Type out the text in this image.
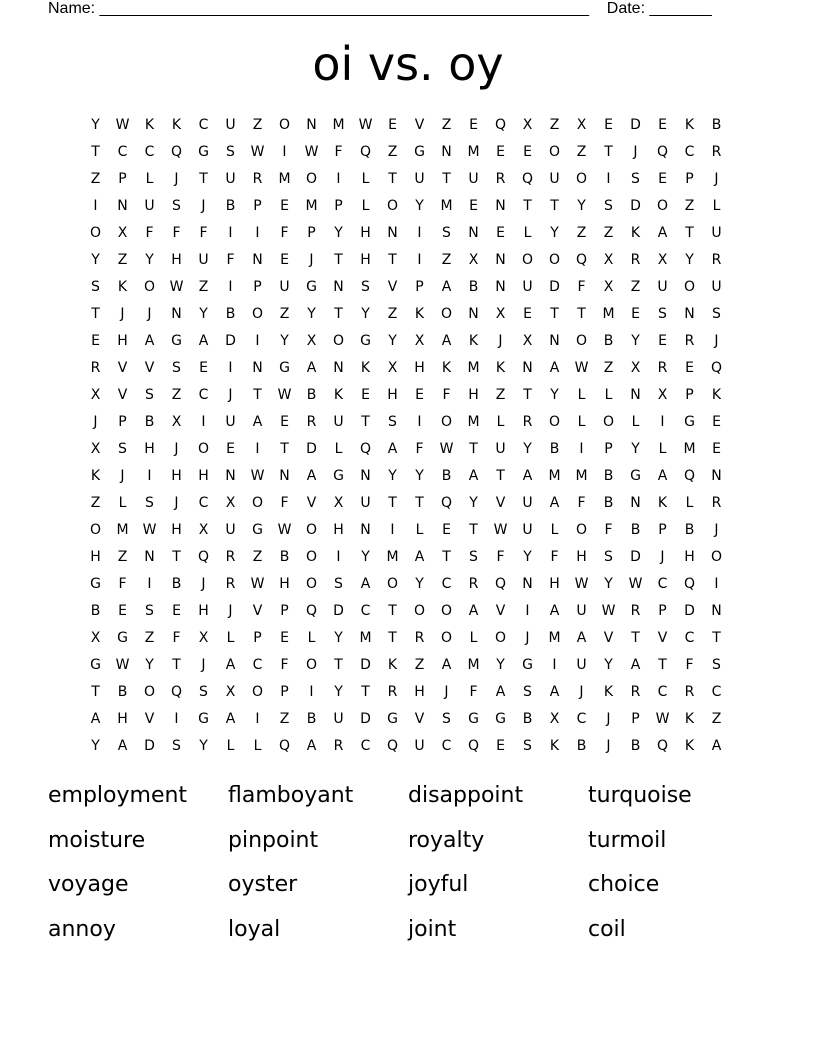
Name: _______________________________________________________    Date: _______
oi vs. oy
Y	W	K	K	C	U	Z	O	N	M	W	E	V	Z	E	Q	X	Z	X	E	D	E	K	B
T	C	C	Q	G	S	W	I	W	F	Q	Z	G	N	M	E	E	O	Z	T	J	Q	C	R
Z	P	L	J	T	U	R	M	O	I	L	T	U	T	U	R	Q	U	O	I	S	E	P	J
I	N	U	S	J	B	P	E	M	P	L	O	Y	M	E	N	T	T	Y	S	D	O	Z	L
O	X	F	F	F	I	I	F	P	Y	H	N	I	S	N	E	L	Y	Z	Z	K	A	T	U
Y	Z	Y	H	U	F	N	E	J	T	H	T	I	Z	X	N	O	O	Q	X	R	X	Y	R
S	K	O	W	Z	I	P	U	G	N	S	V	P	A	B	N	U	D	F	X	Z	U	O	U
T	J	J	N	Y	B	O	Z	Y	T	Y	Z	K	O	N	X	E	T	T	M	E	S	N	S
E	H	A	G	A	D	I	Y	X	O	G	Y	X	A	K	J	X	N	O	B	Y	E	R	J
R	V	V	S	E	I	N	G	A	N	K	X	H	K	M	K	N	A	W	Z	X	R	E	Q
X	V	S	Z	C	J	T	W	B	K	E	H	E	F	H	Z	T	Y	L	L	N	X	P	K
J	P	B	X	I	U	A	E	R	U	T	S	I	O	M	L	R	O	L	O	L	I	G	E
X	S	H	J	O	E	I	T	D	L	Q	A	F	W	T	U	Y	B	I	P	Y	L	M	E
K	J	I	H	H	N	W	N	A	G	N	Y	Y	B	A	T	A	M	M	B	G	A	Q	N
Z	L	S	J	C	X	O	F	V	X	U	T	T	Q	Y	V	U	A	F	B	N	K	L	R
O	M	W	H	X	U	G	W	O	H	N	I	L	E	T	W	U	L	O	F	B	P	B	J
H	Z	N	T	Q	R	Z	B	O	I	Y	M	A	T	S	F	Y	F	H	S	D	J	H	O
G	F	I	B	J	R	W	H	O	S	A	O	Y	C	R	Q	N	H	W	Y	W	C	Q	I
B	E	S	E	H	J	V	P	Q	D	C	T	O	O	A	V	I	A	U	W	R	P	D	N
X	G	Z	F	X	L	P	E	L	Y	M	T	R	O	L	O	J	M	A	V	T	V	C	T
G	W	Y	T	J	A	C	F	O	T	D	K	Z	A	M	Y	G	I	U	Y	A	T	F	S
T	B	O	Q	S	X	O	P	I	Y	T	R	H	J	F	A	S	A	J	K	R	C	R	C
A	H	V	I	G	A	I	Z	B	U	D	G	V	S	G	G	B	X	C	J	P	W	K	Z
Y	A	D	S	Y	L	L	Q	A	R	C	Q	U	C	Q	E	S	K	B	J	B	Q	K	A
employment	flamboyant	disappoint	turquoise
moisture	pinpoint	royalty	turmoil
voyage	oyster	joyful	choice
annoy	loyal	joint	coil
